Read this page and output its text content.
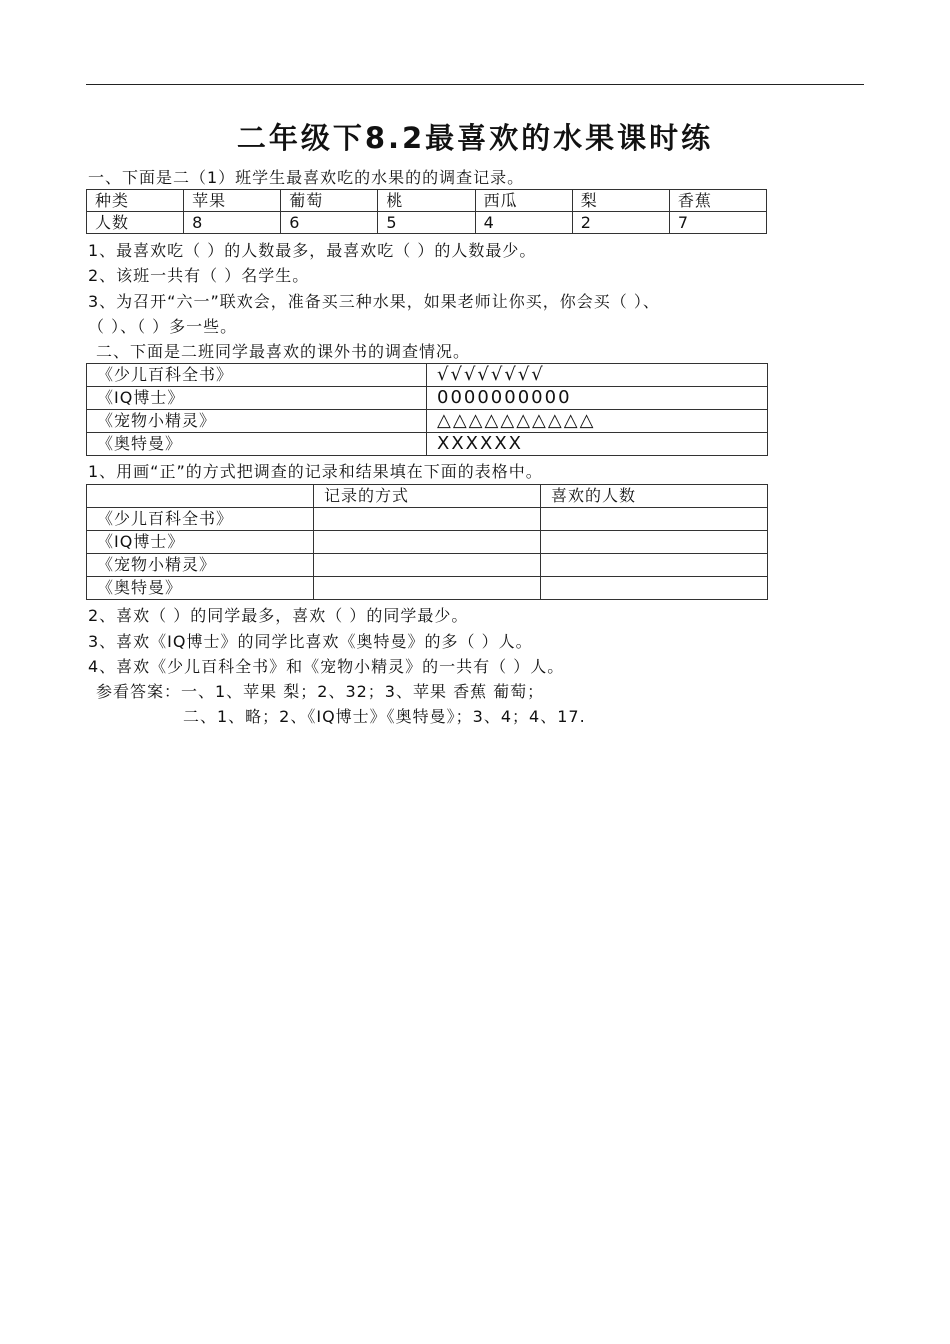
二年级下8.2最喜欢的水果课时练
一、下面是二（1）班学生最喜欢吃的水果的的调查记录。
种类	苹果	葡萄	桃	西瓜	梨	香蕉
人数	8	6	5	4	2	7
1、最喜欢吃（ ）的人数最多，最喜欢吃（ ）的人数最少。
2、该班一共有（ ）名学生。
3、为召开“六一”联欢会，准备买三种水果，如果老师让你买，你会买（ ）、
（ ）、（ ）多一些。
二、下面是二班同学最喜欢的课外书的调查情况。
《少儿百科全书》	√√√√√√√√
《IQ博士》	0000000000
《宠物小精灵》	△△△△△△△△△△
《奥特曼》	XXXXXX
1、用画“正”的方式把调查的记录和结果填在下面的表格中。
	记录的方式	喜欢的人数
《少儿百科全书》		
《IQ博士》		
《宠物小精灵》		
《奥特曼》		
2、喜欢（ ）的同学最多，喜欢（ ）的同学最少。
3、喜欢《IQ博士》的同学比喜欢《奥特曼》的多（ ）人。
4、喜欢《少儿百科全书》和《宠物小精灵》的一共有（ ）人。
参看答案：一、1、苹果 梨；2、32；3、苹果 香蕉 葡萄；
二、1、略；2、《IQ博士》《奥特曼》；3、4；4、17.
